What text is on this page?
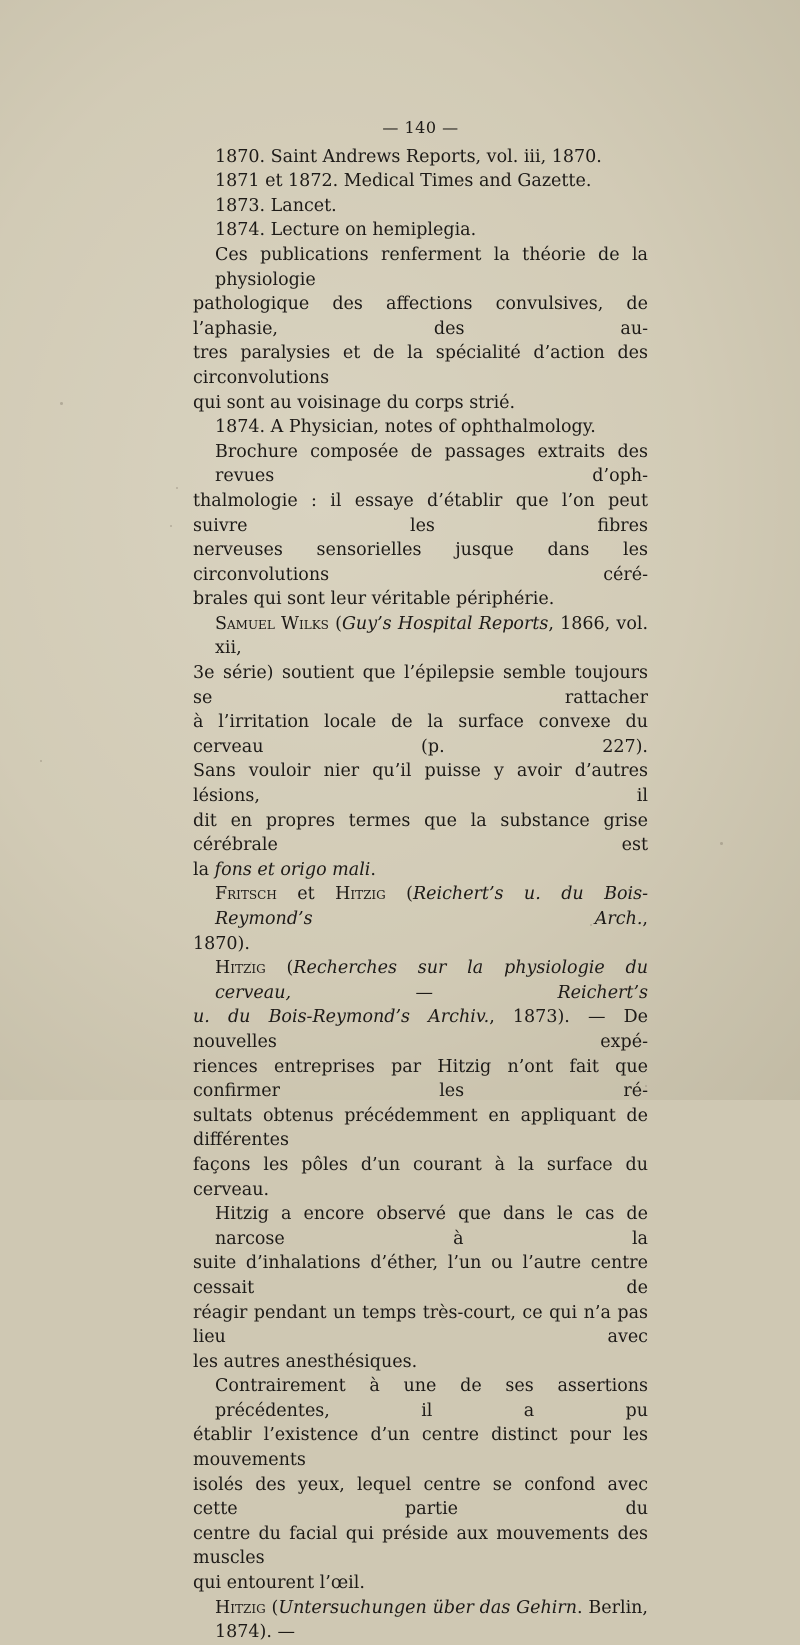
— 140 —
1870. Saint Andrews Reports, vol. iii, 1870.
1871 et 1872. Medical Times and Gazette.
1873. Lancet.
1874. Lecture on hemiplegia.
Ces publications renferment la théorie de la physiologie
pathologique des affections convulsives, de l’aphasie, des au-
tres paralysies et de la spécialité d’action des circonvolutions
qui sont au voisinage du corps strié.
1874. A Physician, notes of ophthalmology.
Brochure composée de passages extraits des revues d’oph-
thalmologie : il essaye d’établir que l’on peut suivre les fibres
nerveuses sensorielles jusque dans les circonvolutions céré-
brales qui sont leur véritable périphérie.
Samuel Wilks (Guy’s Hospital Reports, 1866, vol. xii,
3e série) soutient que l’épilepsie semble toujours se rattacher
à l’irritation locale de la surface convexe du cerveau (p. 227).
Sans vouloir nier qu’il puisse y avoir d’autres lésions, il
dit en propres termes que la substance grise cérébrale est
la fons et origo mali.
Fritsch et Hitzig (Reichert’s u. du Bois-Reymond’s Arch.,
1870).
Hitzig (Recherches sur la physiologie du cerveau, — Reichert’s
u. du Bois-Reymond’s Archiv., 1873). — De nouvelles expé-
riences entreprises par Hitzig n’ont fait que confirmer les ré-
sultats obtenus précédemment en appliquant de différentes
façons les pôles d’un courant à la surface du cerveau.
Hitzig a encore observé que dans le cas de narcose à la
suite d’inhalations d’éther, l’un ou l’autre centre cessait de
réagir pendant un temps très-court, ce qui n’a pas lieu avec
les autres anesthésiques.
Contrairement à une de ses assertions précédentes, il a pu
établir l’existence d’un centre distinct pour les mouvements
isolés des yeux, lequel centre se confond avec cette partie du
centre du facial qui préside aux mouvements des muscles
qui entourent l’œil.
Hitzig (Untersuchungen über das Gehirn. Berlin, 1874). —
